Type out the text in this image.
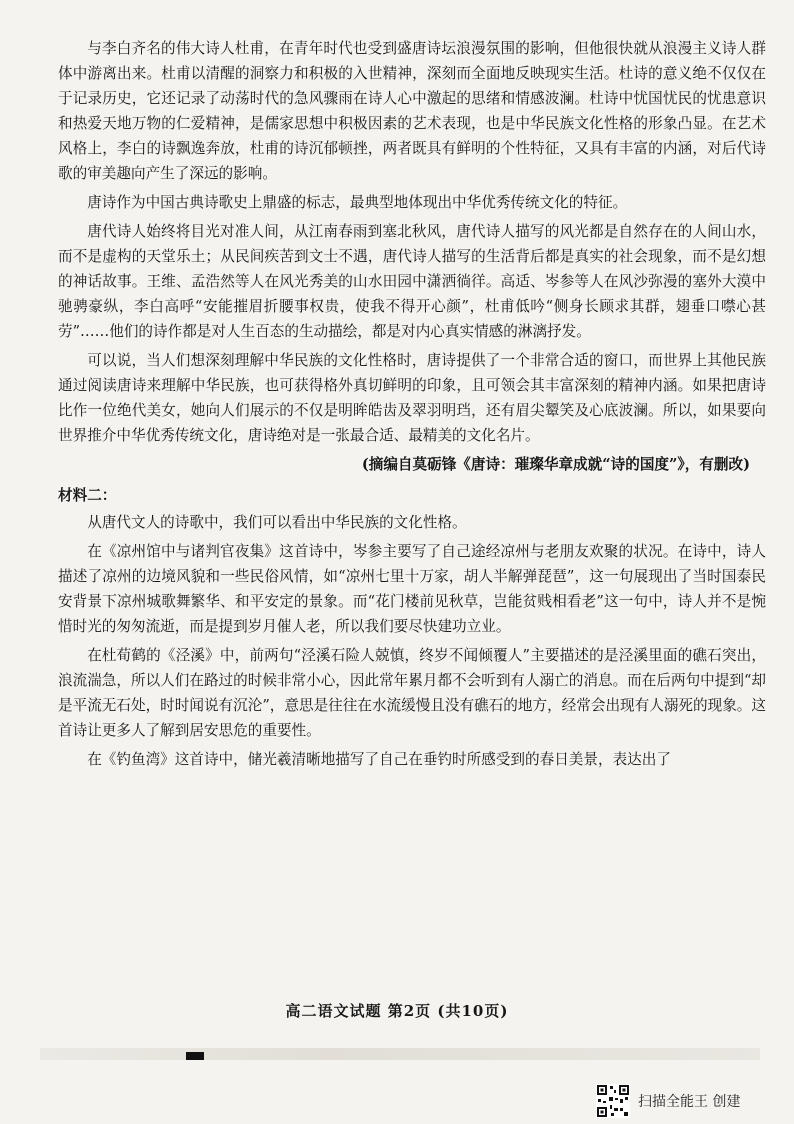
与李白齐名的伟大诗人杜甫，在青年时代也受到盛唐诗坛浪漫氛围的影响，但他很快就从浪漫主义诗人群体中游离出来。杜甫以清醒的洞察力和积极的入世精神，深刻而全面地反映现实生活。杜诗的意义绝不仅仅在于记录历史，它还记录了动荡时代的急风骤雨在诗人心中激起的思绪和情感波澜。杜诗中忧国忧民的忧患意识和热爱天地万物的仁爱精神，是儒家思想中积极因素的艺术表现，也是中华民族文化性格的形象凸显。在艺术风格上，李白的诗飘逸奔放，杜甫的诗沉郁顿挫，两者既具有鲜明的个性特征，又具有丰富的内涵，对后代诗歌的审美趣向产生了深远的影响。

唐诗作为中国古典诗歌史上鼎盛的标志，最典型地体现出中华优秀传统文化的特征。

唐代诗人始终将目光对准人间，从江南春雨到塞北秋风，唐代诗人描写的风光都是自然存在的人间山水，而不是虚构的天堂乐土；从民间疾苦到文士不遇，唐代诗人描写的生活背后都是真实的社会现象，而不是幻想的神话故事。王维、孟浩然等人在风光秀美的山水田园中潇洒徜徉。高适、岑参等人在风沙弥漫的塞外大漠中驰骋豪纵，李白高呼“安能摧眉折腰事权贵，使我不得开心颜”，杜甫低吟“侧身长顾求其群，翅垂口噤心甚劳”……他们的诗作都是对人生百态的生动描绘，都是对内心真实情感的淋漓抒发。

可以说，当人们想深刻理解中华民族的文化性格时，唐诗提供了一个非常合适的窗口，而世界上其他民族通过阅读唐诗来理解中华民族，也可获得格外真切鲜明的印象，且可领会其丰富深刻的精神内涵。如果把唐诗比作一位绝代美女，她向人们展示的不仅是明眸皓齿及翠羽明珰，还有眉尖颦笑及心底波澜。所以，如果要向世界推介中华优秀传统文化，唐诗绝对是一张最合适、最精美的文化名片。

(摘编自莫砺锋《唐诗：璀璨华章成就“诗的国度”》，有删改)

材料二：

从唐代文人的诗歌中，我们可以看出中华民族的文化性格。

在《凉州馆中与诸判官夜集》这首诗中，岑参主要写了自己途经凉州与老朋友欢聚的状况。在诗中，诗人描述了凉州的边境风貌和一些民俗风情，如“凉州七里十万家，胡人半解弹琵琶”，这一句展现出了当时国泰民安背景下凉州城歌舞繁华、和平安定的景象。而“花门楼前见秋草，岂能贫贱相看老”这一句中，诗人并不是惋惜时光的匆匆流逝，而是提到岁月催人老，所以我们要尽快建功立业。

在杜荀鹤的《泾溪》中，前两句“泾溪石险人兢慎，终岁不闻倾覆人”主要描述的是泾溪里面的礁石突出，浪流湍急，所以人们在路过的时候非常小心，因此常年累月都不会听到有人溺亡的消息。而在后两句中提到“却是平流无石处，时时闻说有沉沦”，意思是往往在水流缓慢且没有礁石的地方，经常会出现有人溺死的现象。这首诗让更多人了解到居安思危的重要性。

在《钓鱼湾》这首诗中，储光羲清晰地描写了自己在垂钓时所感受到的春日美景，表达出了

高二语文试题 第2页 (共10页)
扫描全能王 创建
